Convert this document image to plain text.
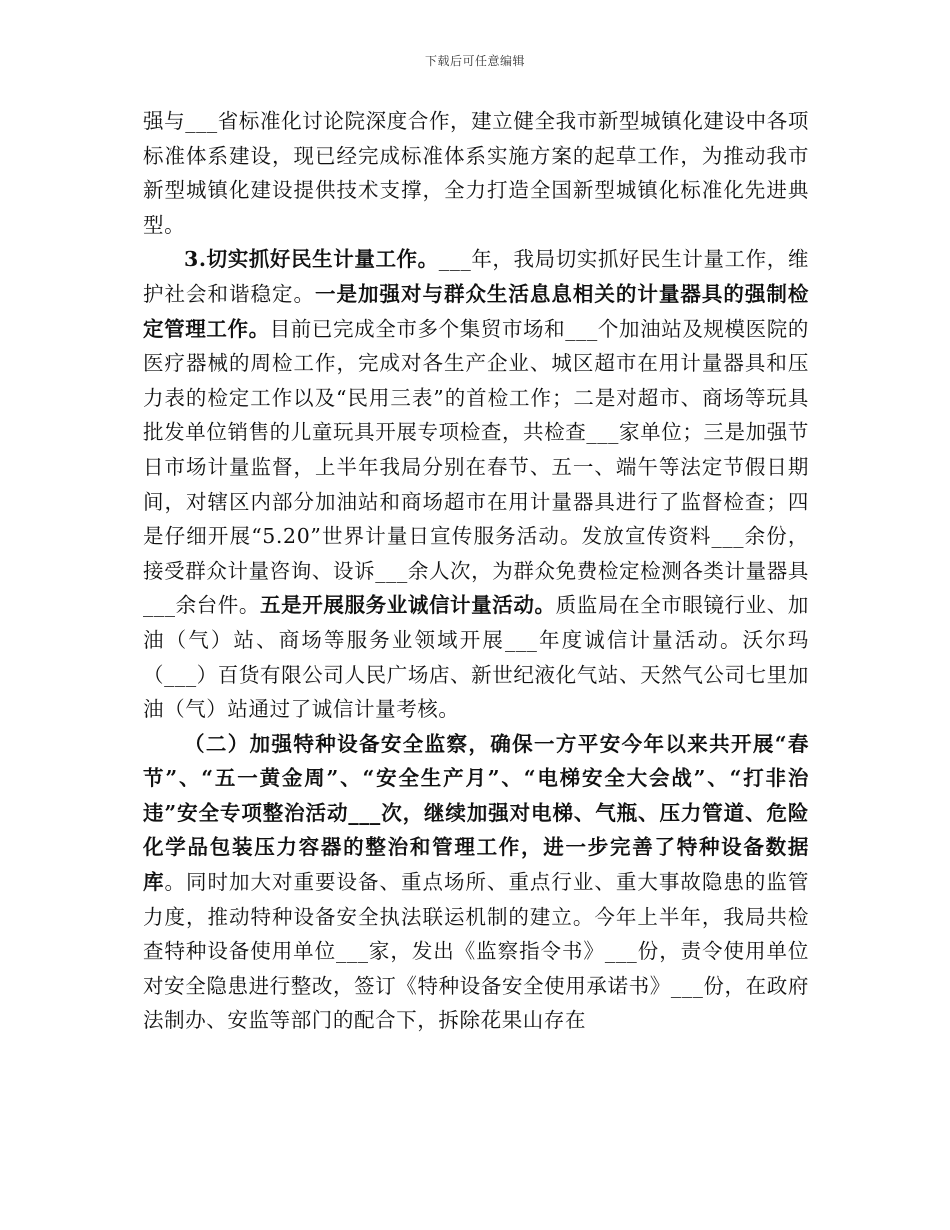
下载后可任意编辑

强与___省标准化讨论院深度合作，建立健全我市新型城镇化建设中各项标准体系建设，现已经完成标准体系实施方案的起草工作，为推动我市新型城镇化建设提供技术支撑，全力打造全国新型城镇化标准化先进典型。

3.切实抓好民生计量工作。___年，我局切实抓好民生计量工作，维护社会和谐稳定。一是加强对与群众生活息息相关的计量器具的强制检定管理工作。目前已完成全市多个集贸市场和___个加油站及规模医院的医疗器械的周检工作，完成对各生产企业、城区超市在用计量器具和压力表的检定工作以及“民用三表”的首检工作；二是对超市、商场等玩具批发单位销售的儿童玩具开展专项检查，共检查___家单位；三是加强节日市场计量监督，上半年我局分别在春节、五一、端午等法定节假日期间，对辖区内部分加油站和商场超市在用计量器具进行了监督检查；四是仔细开展“5.20”世界计量日宣传服务活动。发放宣传资料___余份，接受群众计量咨询、设诉___余人次，为群众免费检定检测各类计量器具___余台件。五是开展服务业诚信计量活动。质监局在全市眼镜行业、加油（气）站、商场等服务业领域开展___年度诚信计量活动。沃尔玛（___）百货有限公司人民广场店、新世纪液化气站、天然气公司七里加油（气）站通过了诚信计量考核。

（二）加强特种设备安全监察，确保一方平安今年以来共开展“春节”、“五一黄金周”、“安全生产月”、“电梯安全大会战”、“打非治违”安全专项整治活动___次，继续加强对电梯、气瓶、压力管道、危险化学品包装压力容器的整治和管理工作，进一步完善了特种设备数据库。同时加大对重要设备、重点场所、重点行业、重大事故隐患的监管力度，推动特种设备安全执法联运机制的建立。今年上半年，我局共检查特种设备使用单位___家，发出《监察指令书》___份，责令使用单位对安全隐患进行整改，签订《特种设备安全使用承诺书》___份，在政府法制办、安监等部门的配合下，拆除花果山存在
